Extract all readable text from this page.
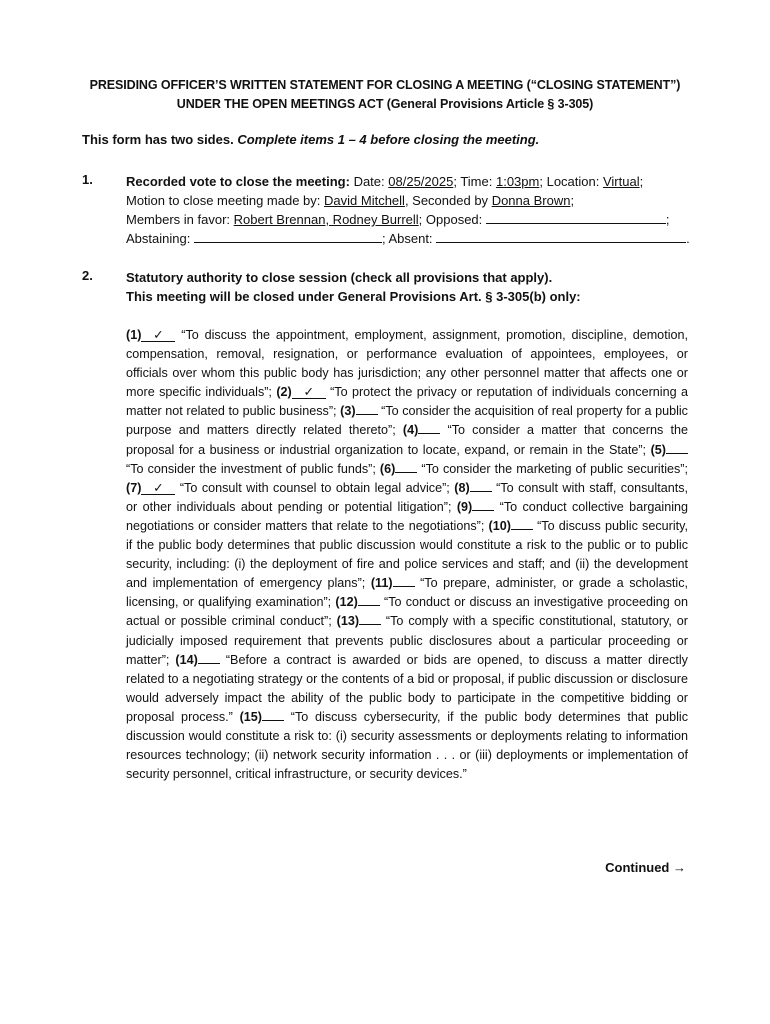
PRESIDING OFFICER’S WRITTEN STATEMENT FOR CLOSING A MEETING (“CLOSING STATEMENT”)
UNDER THE OPEN MEETINGS ACT (General Provisions Article § 3-305)
This form has two sides. Complete items 1 – 4 before closing the meeting.
1.	Recorded vote to close the meeting: Date: 08/25/2025; Time: 1:03pm; Location: Virtual;
Motion to close meeting made by: David Mitchell, Seconded by Donna Brown;
Members in favor: Robert Brennan, Rodney Burrell; Opposed:	;
Abstaining:	; Absent:	.
2.	Statutory authority to close session (check all provisions that apply).
This meeting will be closed under General Provisions Art. § 3-305(b) only:
(1) ✓ “To discuss the appointment, employment, assignment, promotion, discipline, demotion, compensation, removal, resignation, or performance evaluation of appointees, employees, or officials over whom this public body has jurisdiction; any other personnel matter that affects one or more specific individuals”; (2) ✓ “To protect the privacy or reputation of individuals concerning a matter not related to public business”; (3) “To consider the acquisition of real property for a public purpose and matters directly related thereto”; (4) “To consider a matter that concerns the proposal for a business or industrial organization to locate, expand, or remain in the State”; (5) “To consider the investment of public funds”; (6) “To consider the marketing of public securities”; (7) ✓ “To consult with counsel to obtain legal advice”; (8) “To consult with staff, consultants, or other individuals about pending or potential litigation”; (9) “To conduct collective bargaining negotiations or consider matters that relate to the negotiations”; (10) “To discuss public security, if the public body determines that public discussion would constitute a risk to the public or to public security, including: (i) the deployment of fire and police services and staff; and (ii) the development and implementation of emergency plans”; (11) “To prepare, administer, or grade a scholastic, licensing, or qualifying examination”; (12) “To conduct or discuss an investigative proceeding on actual or possible criminal conduct”; (13) “To comply with a specific constitutional, statutory, or judicially imposed requirement that prevents public disclosures about a particular proceeding or matter”; (14) “Before a contract is awarded or bids are opened, to discuss a matter directly related to a negotiating strategy or the contents of a bid or proposal, if public discussion or disclosure would adversely impact the ability of the public body to participate in the competitive bidding or proposal process.” (15) “To discuss cybersecurity, if the public body determines that public discussion would constitute a risk to: (i) security assessments or deployments relating to information resources technology; (ii) network security information . . . or (iii) deployments or implementation of security personnel, critical infrastructure, or security devices.”
Continued →
